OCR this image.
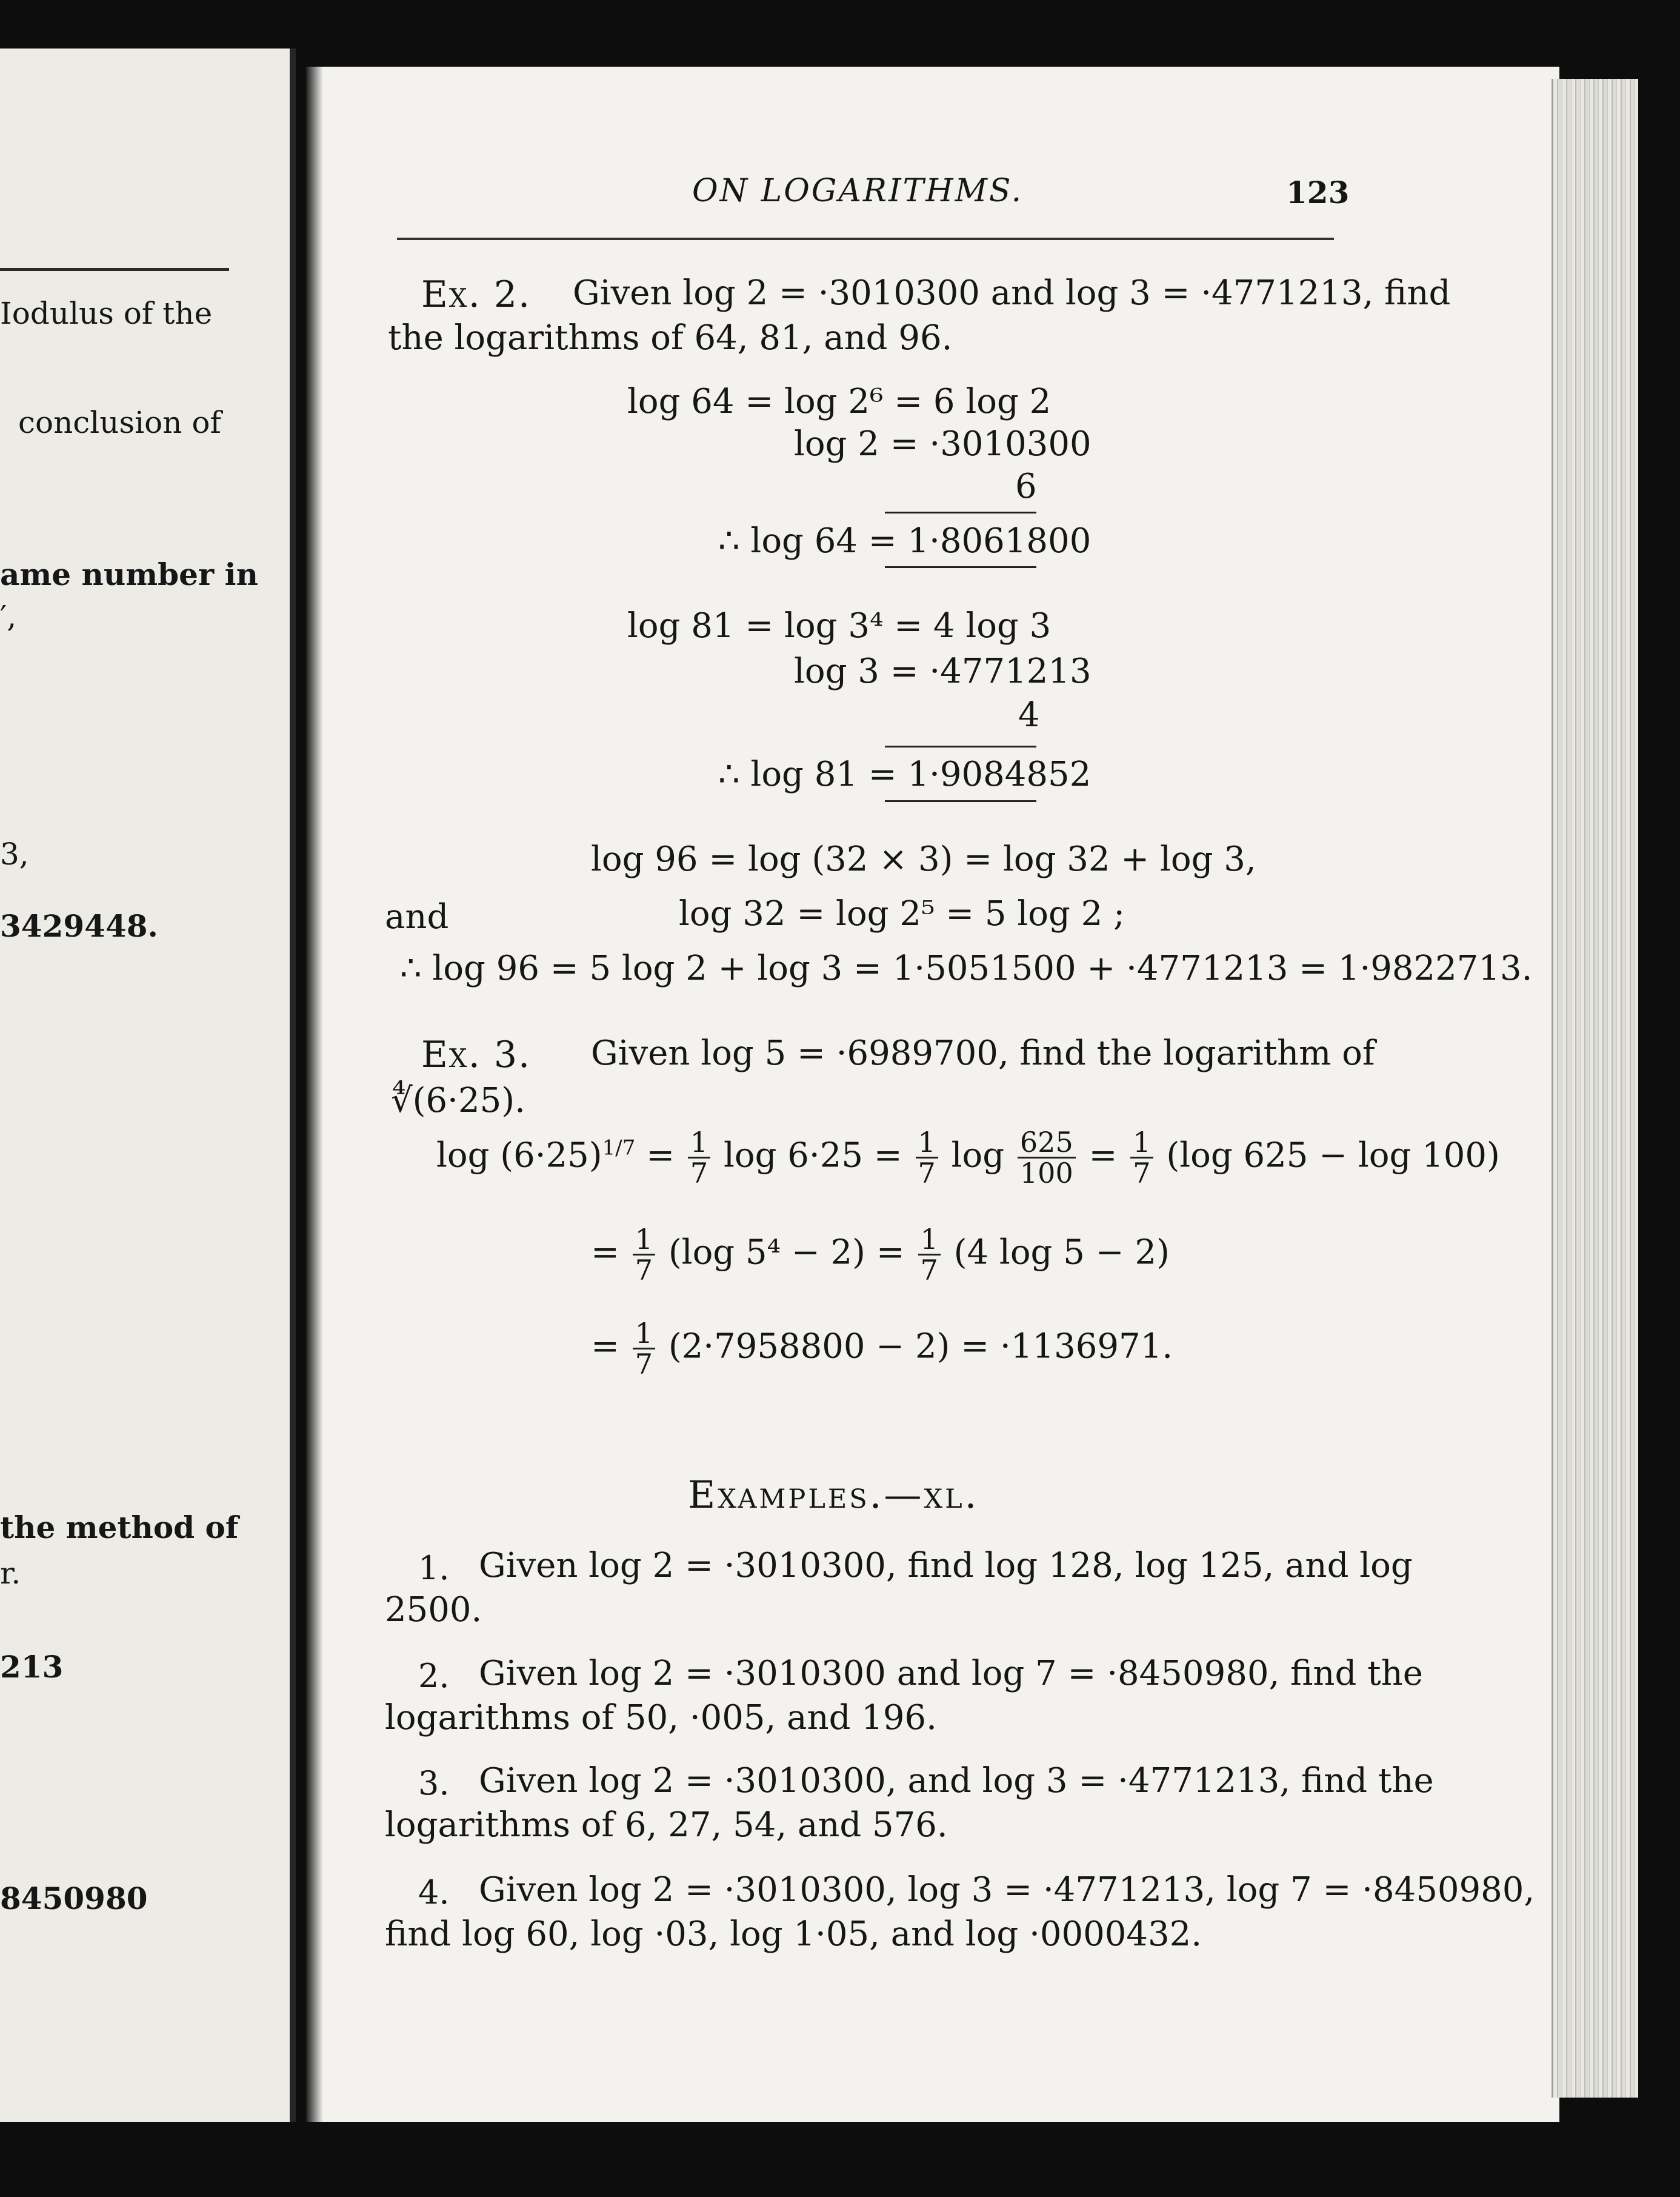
Iodulus of the
conclusion of
ame number in
′,
3,
3429448.
the method of
r.
213
8450980
ON LOGARITHMS.	123
Ex. 2. Given log 2 = ·3010300 and log 3 = ·4771213, find
the logarithms of 64, 81, and 96.
log 64 = log 2⁶ = 6 log 2
log 2 = ·3010300
6
∴ log 64 = 1·8061800
log 81 = log 3⁴ = 4 log 3
log 3 = ·4771213
4
∴ log 81 = 1·9084852
log 96 = log (32 × 3) = log 32 + log 3,
and	log 32 = log 2⁵ = 5 log 2 ;
∴ log 96 = 5 log 2 + log 3 = 1·5051500 + ·4771213 = 1·9822713.
Ex. 3. Given log 5 = ·6989700, find the logarithm of
∜(6·25).
$\log (6\cdot 25)^{1/7} = \frac{1}{7}$ $\log 6\cdot 25 = \frac{1}{7}$ $\log \frac{625}{100} = \frac{1}{7} (\log$ 625 − log 100)
= $\frac{1}{7} (\log$ $5^4 - 2) = \frac{1}{7} (4$ log 5 − 2)
= $\frac{1}{7} (2\cdot 7958800 - 2) = \cdot 1136971$.
Examples.—xl.
1. Given log 2 = ·3010300, find log 128, log 125, and log
2500.
2. Given log 2 = ·3010300 and log 7 = ·8450980, find the
logarithms of 50, ·005, and 196.
3. Given log 2 = ·3010300, and log 3 = ·4771213, find the
logarithms of 6, 27, 54, and 576.
4. Given log 2 = ·3010300, log 3 = ·4771213, log 7 = ·8450980,
find log 60, log ·03, log 1·05, and log ·0000432.
